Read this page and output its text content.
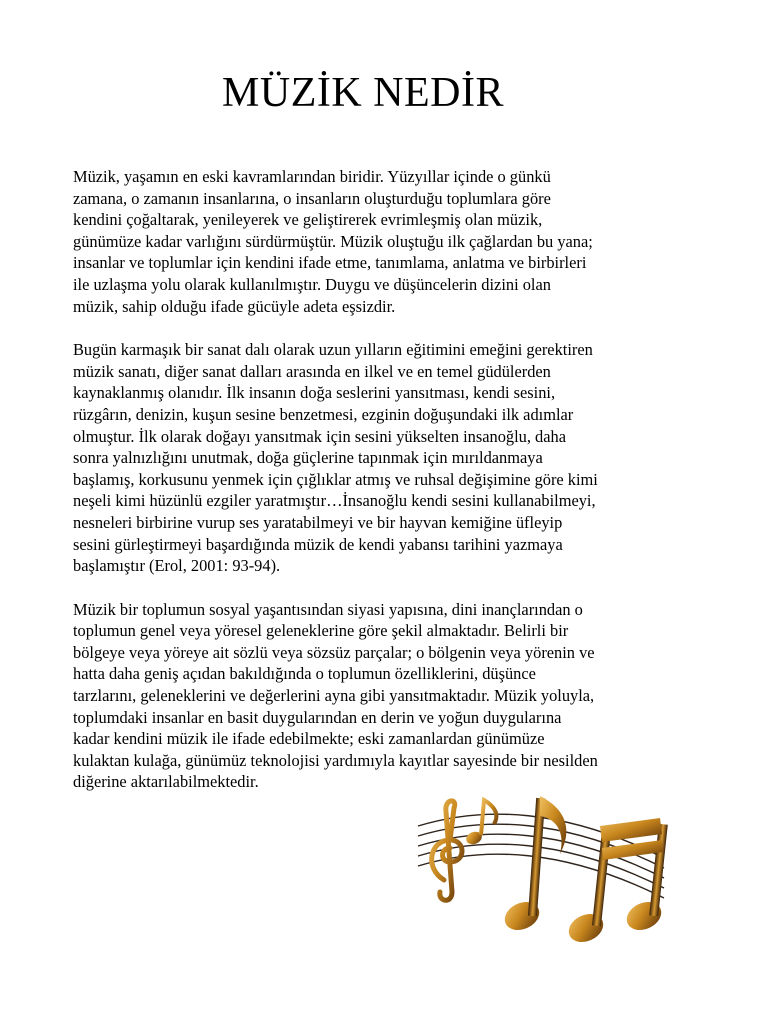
MÜZİK NEDİR

Müzik, yaşamın en eski kavramlarından biridir. Yüzyıllar içinde o günkü
zamana, o zamanın insanlarına, o insanların oluşturduğu toplumlara göre
kendini çoğaltarak, yenileyerek ve geliştirerek evrimleşmiş olan müzik,
günümüze kadar varlığını sürdürmüştür. Müzik oluştuğu ilk çağlardan bu yana;
insanlar ve toplumlar için kendini ifade etme, tanımlama, anlatma ve birbirleri
ile uzlaşma yolu olarak kullanılmıştır. Duygu ve düşüncelerin dizini olan
müzik, sahip olduğu ifade gücüyle adeta eşsizdir.

Bugün karmaşık bir sanat dalı olarak uzun yılların eğitimini emeğini gerektiren
müzik sanatı, diğer sanat dalları arasında en ilkel ve en temel güdülerden
kaynaklanmış olanıdır. İlk insanın doğa seslerini yansıtması, kendi sesini,
rüzgârın, denizin, kuşun sesine benzetmesi, ezginin doğuşundaki ilk adımlar
olmuştur. İlk olarak doğayı yansıtmak için sesini yükselten insanoğlu, daha
sonra yalnızlığını unutmak, doğa güçlerine tapınmak için mırıldanmaya
başlamış, korkusunu yenmek için çığlıklar atmış ve ruhsal değişimine göre kimi
neşeli kimi hüzünlü ezgiler yaratmıştır…İnsanoğlu kendi sesini kullanabilmeyi,
nesneleri birbirine vurup ses yaratabilmeyi ve bir hayvan kemiğine üfleyip
sesini gürleştirmeyi başardığında müzik de kendi yabansı tarihini yazmaya
başlamıştır (Erol, 2001: 93-94).

Müzik bir toplumun sosyal yaşantısından siyasi yapısına, dini inançlarından o
toplumun genel veya yöresel geleneklerine göre şekil almaktadır. Belirli bir
bölgeye veya yöreye ait sözlü veya sözsüz parçalar; o bölgenin veya yörenin ve
hatta daha geniş açıdan bakıldığında o toplumun özelliklerini, düşünce
tarzlarını, geleneklerini ve değerlerini ayna gibi yansıtmaktadır. Müzik yoluyla,
toplumdaki insanlar en basit duygularından en derin ve yoğun duygularına
kadar kendini müzik ile ifade edebilmekte; eski zamanlardan günümüze
kulaktan kulağa, günümüz teknolojisi yardımıyla kayıtlar sayesinde bir nesilden
diğerine aktarılabilmektedir.
